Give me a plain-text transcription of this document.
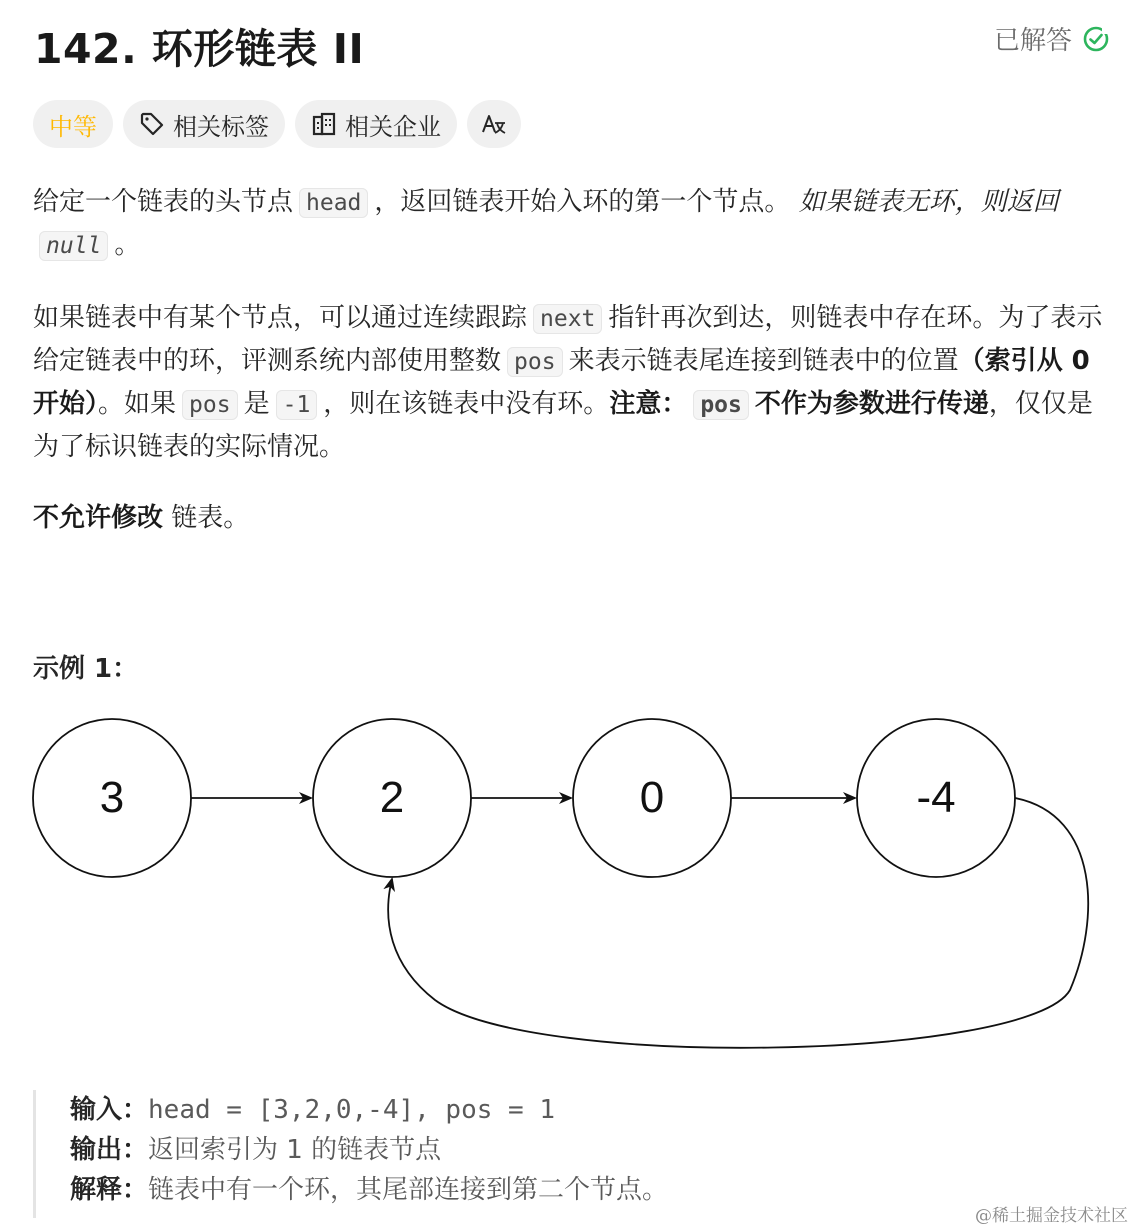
142. 环形链表 II	已解答
中等	相关标签	相关企业

给定一个链表的头节点 head ，返回链表开始入环的第一个节点。 如果链表无环，则返回null 。

如果链表中有某个节点，可以通过连续跟踪 next 指针再次到达，则链表中存在环。为了表示给定链表中的环，评测系统内部使用整数 pos 来表示链表尾连接到链表中的位置（索引从 0 开始）。如果 pos 是 -1 ，则在该链表中没有环。注意： pos 不作为参数进行传递，仅仅是为了标识链表的实际情况。

不允许修改 链表。

示例 1：
3	2	0	-4
输入：head = [3,2,0,-4], pos = 1
输出：返回索引为 1 的链表节点
解释：链表中有一个环，其尾部连接到第二个节点。
@稀土掘金技术社区
